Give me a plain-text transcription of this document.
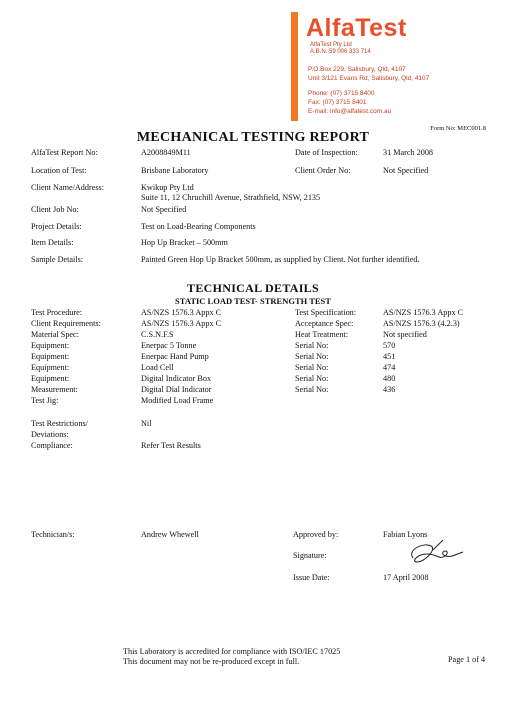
AlfaTest
AlfaTest Pty Ltd
A.B.N. 59 006 333 714
P.O.Box 229, Salisbury, Qld, 4107
Unit 3/121 Evans Rd, Salisbury, Qld, 4107
Phone: (07) 3715 8400
Fax: (07) 3715 8401
E-mail: info@alfatest.com.au
Form No: MEC001.8
MECHANICAL TESTING REPORT
AlfaTest Report No:	A2008849M11	Date of Inspection:	31 March 2008
Location of Test:	Brisbane Laboratory	Client Order No:	Not Specified
Client Name/Address:	Kwikup Pty Ltd
Suite 11, 12 Chruchill Avenue, Strathfield, NSW, 2135
Client Job No:	Not Specified
Project Details:	Test on Load-Bearing Components
Item Details:	Hop Up Bracket – 500mm
Sample Details:	Painted Green Hop Up Bracket 500mm, as supplied by Client. Not further identified.
TECHNICAL DETAILS
STATIC LOAD TEST- STRENGTH TEST
Test Procedure:	AS/NZS 1576.3 Appx C	Test Specification:	AS/NZS 1576.3 Appx C
Client Requirements:	AS/NZS 1576.3 Appx C	Acceptance Spec:	AS/NZS 1576.3 (4.2.3)
Material Spec:	C.S.N.F.S	Heat Treatment:	Not specified
Equipment:	Enerpac 5 Tonne	Serial No:	570
Equipment:	Enerpac Hand Pump	Serial No:	451
Equipment:	Load Cell	Serial No:	474
Equipment:	Digital Indicator Box	Serial No:	480
Measurement:	Digital Dial Indicator	Serial No:	436
Test Jig:	Modified Load Frame
Test Restrictions/
Deviations:
Nil
Compliance:	Refer Test Results
Technician/s:	Andrew Whewell	Approved by:	Fabian Lyons
Signature:
Issue Date:	17 April 2008
This Laboratory is accredited for compliance with ISO/IEC 17025
This document may not be re-produced except in full.	Page 1 of 4
